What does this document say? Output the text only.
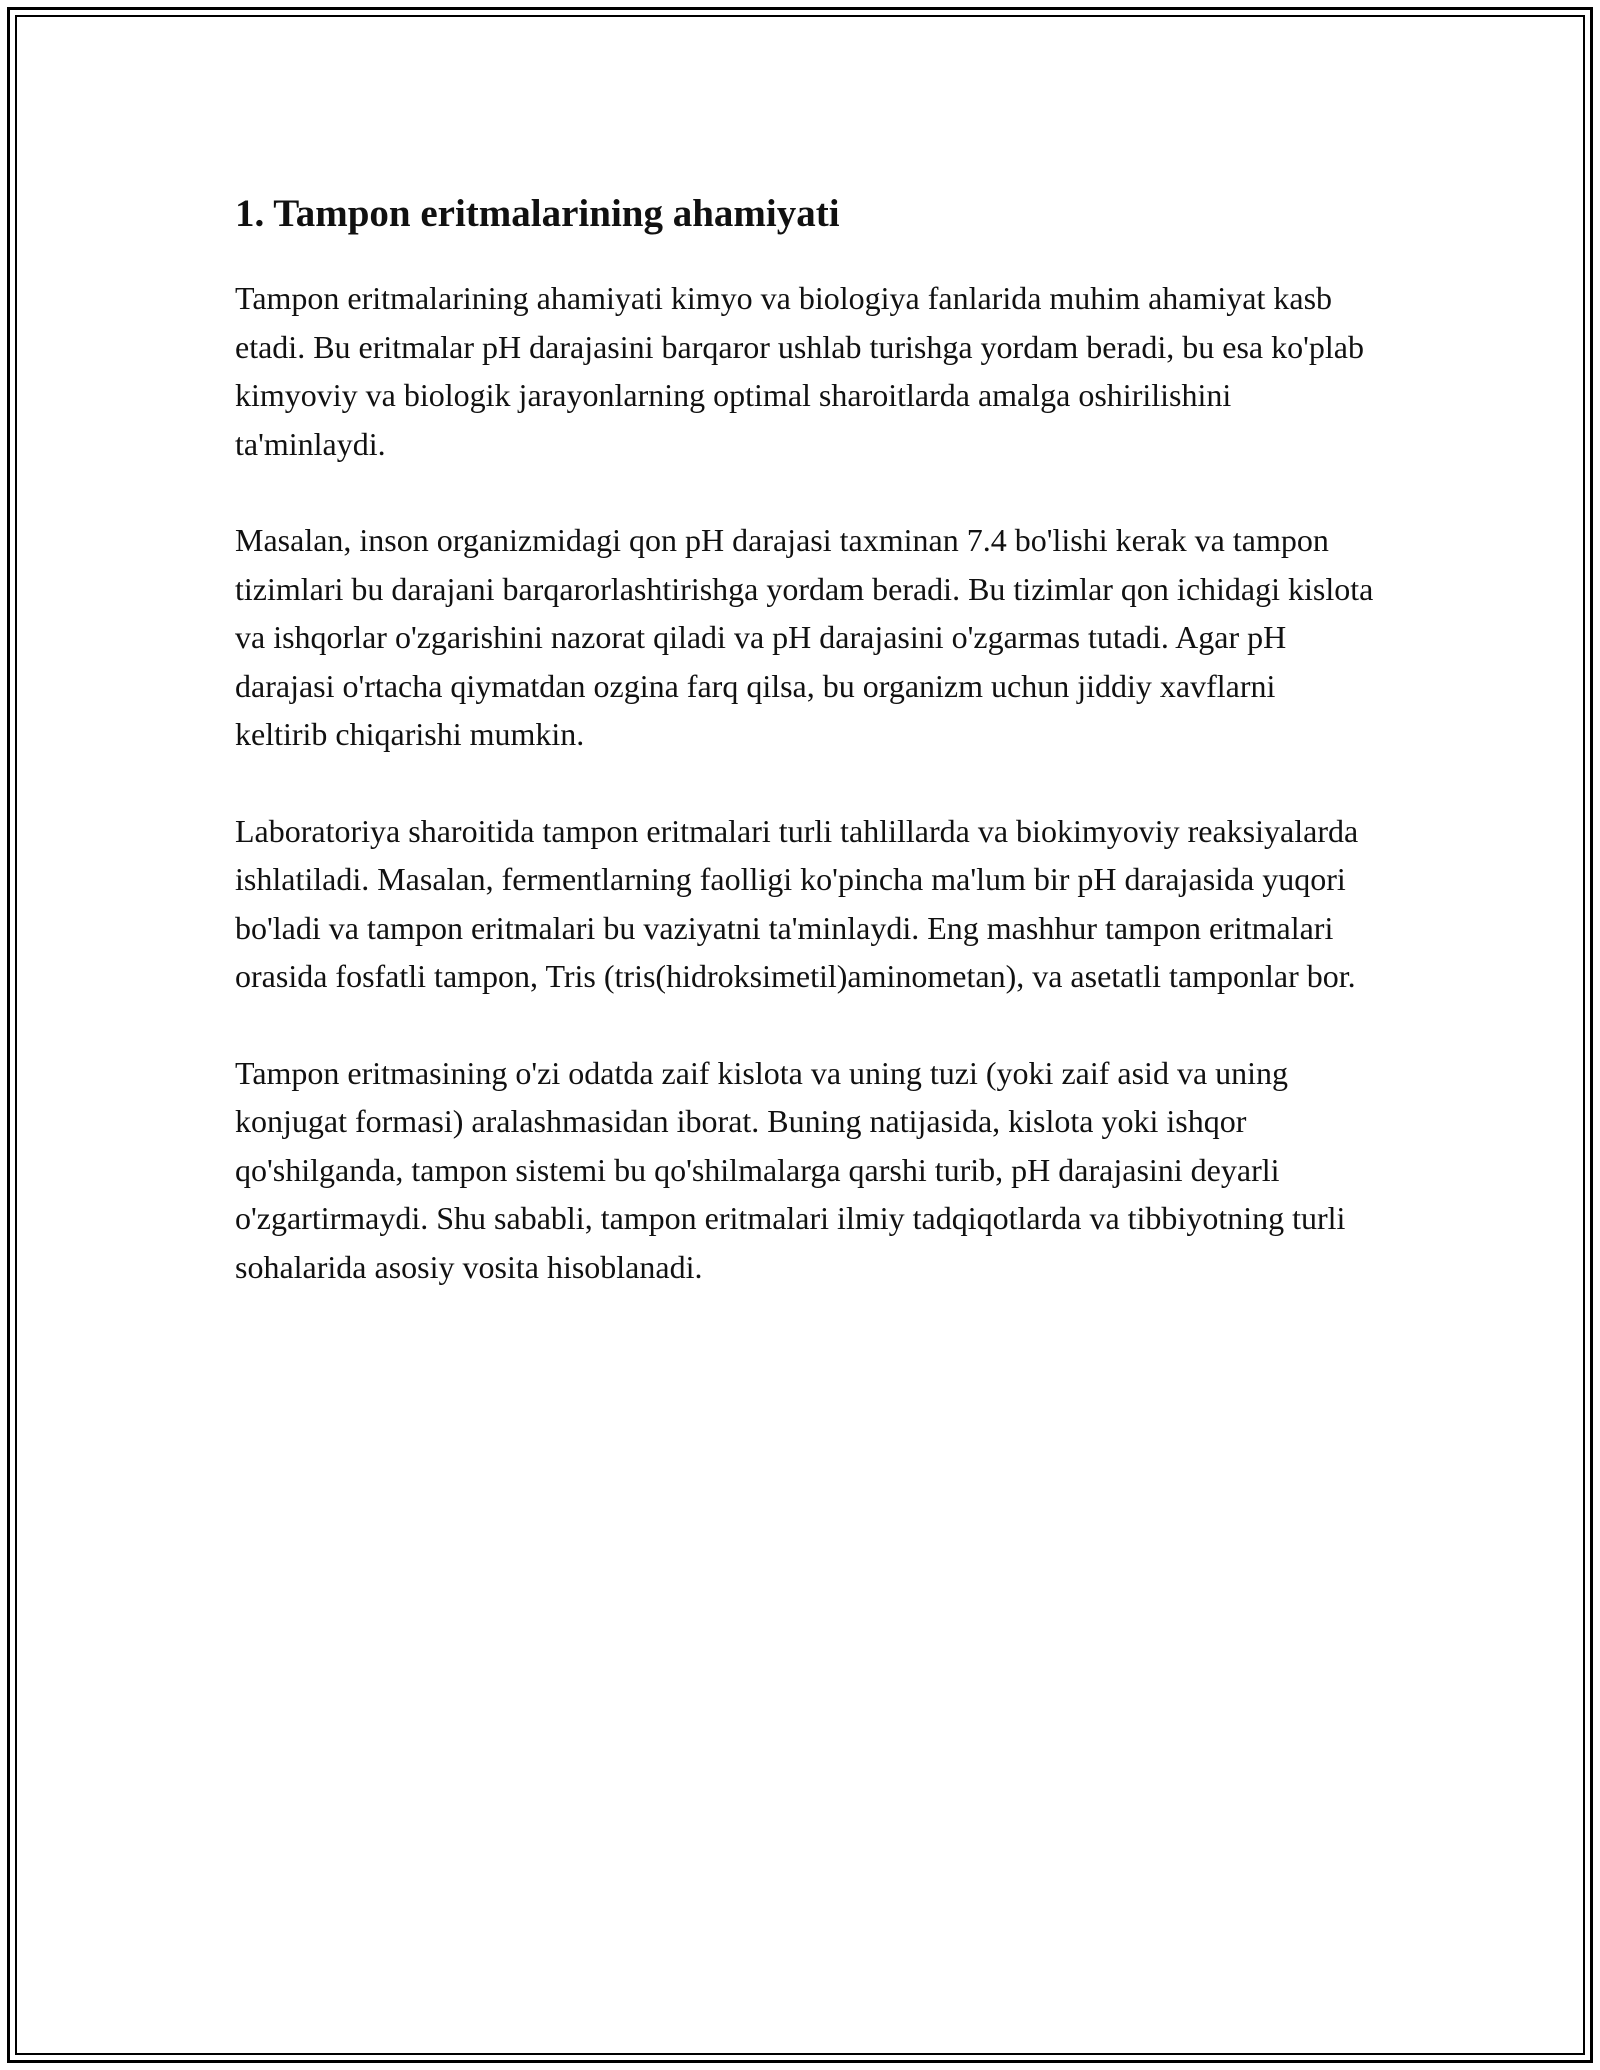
1. Tampon eritmalarining ahamiyati

Tampon eritmalarining ahamiyati kimyo va biologiya fanlarida muhim ahamiyat kasb etadi. Bu eritmalar pH darajasini barqaror ushlab turishga yordam beradi, bu esa ko'plab kimyoviy va biologik jarayonlarning optimal sharoitlarda amalga oshirilishini ta'minlaydi.

Masalan, inson organizmidagi qon pH darajasi taxminan 7.4 bo'lishi kerak va tampon tizimlari bu darajani barqarorlashtirishga yordam beradi. Bu tizimlar qon ichidagi kislota va ishqorlar o'zgarishini nazorat qiladi va pH darajasini o'zgarmas tutadi. Agar pH darajasi o'rtacha qiymatdan ozgina farq qilsa, bu organizm uchun jiddiy xavflarni keltirib chiqarishi mumkin.

Laboratoriya sharoitida tampon eritmalari turli tahlillarda va biokimyoviy reaksiyalarda ishlatiladi. Masalan, fermentlarning faolligi ko'pincha ma'lum bir pH darajasida yuqori bo'ladi va tampon eritmalari bu vaziyatni ta'minlaydi. Eng mashhur tampon eritmalari orasida fosfatli tampon, Tris (tris(hidroksimetil)aminometan), va asetatli tamponlar bor.

Tampon eritmasining o'zi odatda zaif kislota va uning tuzi (yoki zaif asid va uning konjugat formasi) aralashmasidan iborat. Buning natijasida, kislota yoki ishqor qo'shilganda, tampon sistemi bu qo'shilmalarga qarshi turib, pH darajasini deyarli o'zgartirmaydi. Shu sababli, tampon eritmalari ilmiy tadqiqotlarda va tibbiyotning turli sohalarida asosiy vosita hisoblanadi.
